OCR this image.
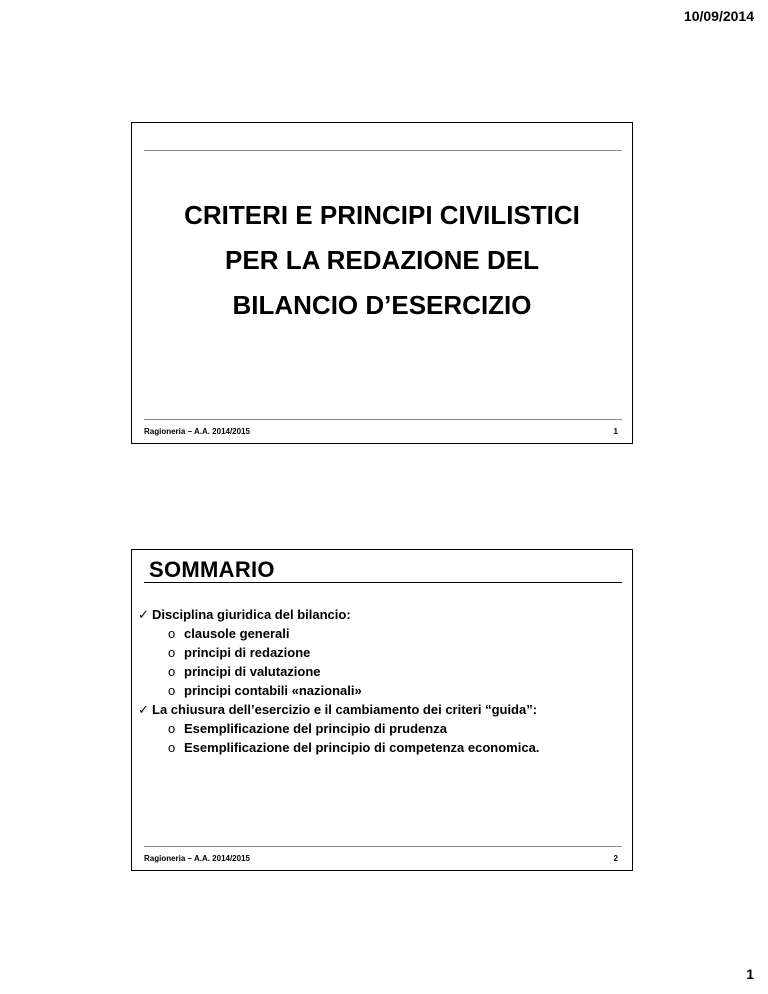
10/09/2014
CRITERI E PRINCIPI CIVILISTICI
PER LA REDAZIONE DEL
BILANCIO D’ESERCIZIO
Ragioneria – A.A. 2014/2015	1
SOMMARIO
✓ Disciplina giuridica del bilancio:
o clausole generali
o principi di redazione
o principi di valutazione
o principi contabili «nazionali»
✓ La chiusura dell’esercizio e il cambiamento dei criteri “guida”:
o Esemplificazione del principio di prudenza
o Esemplificazione del principio di competenza economica.
Ragioneria – A.A. 2014/2015	2
1
